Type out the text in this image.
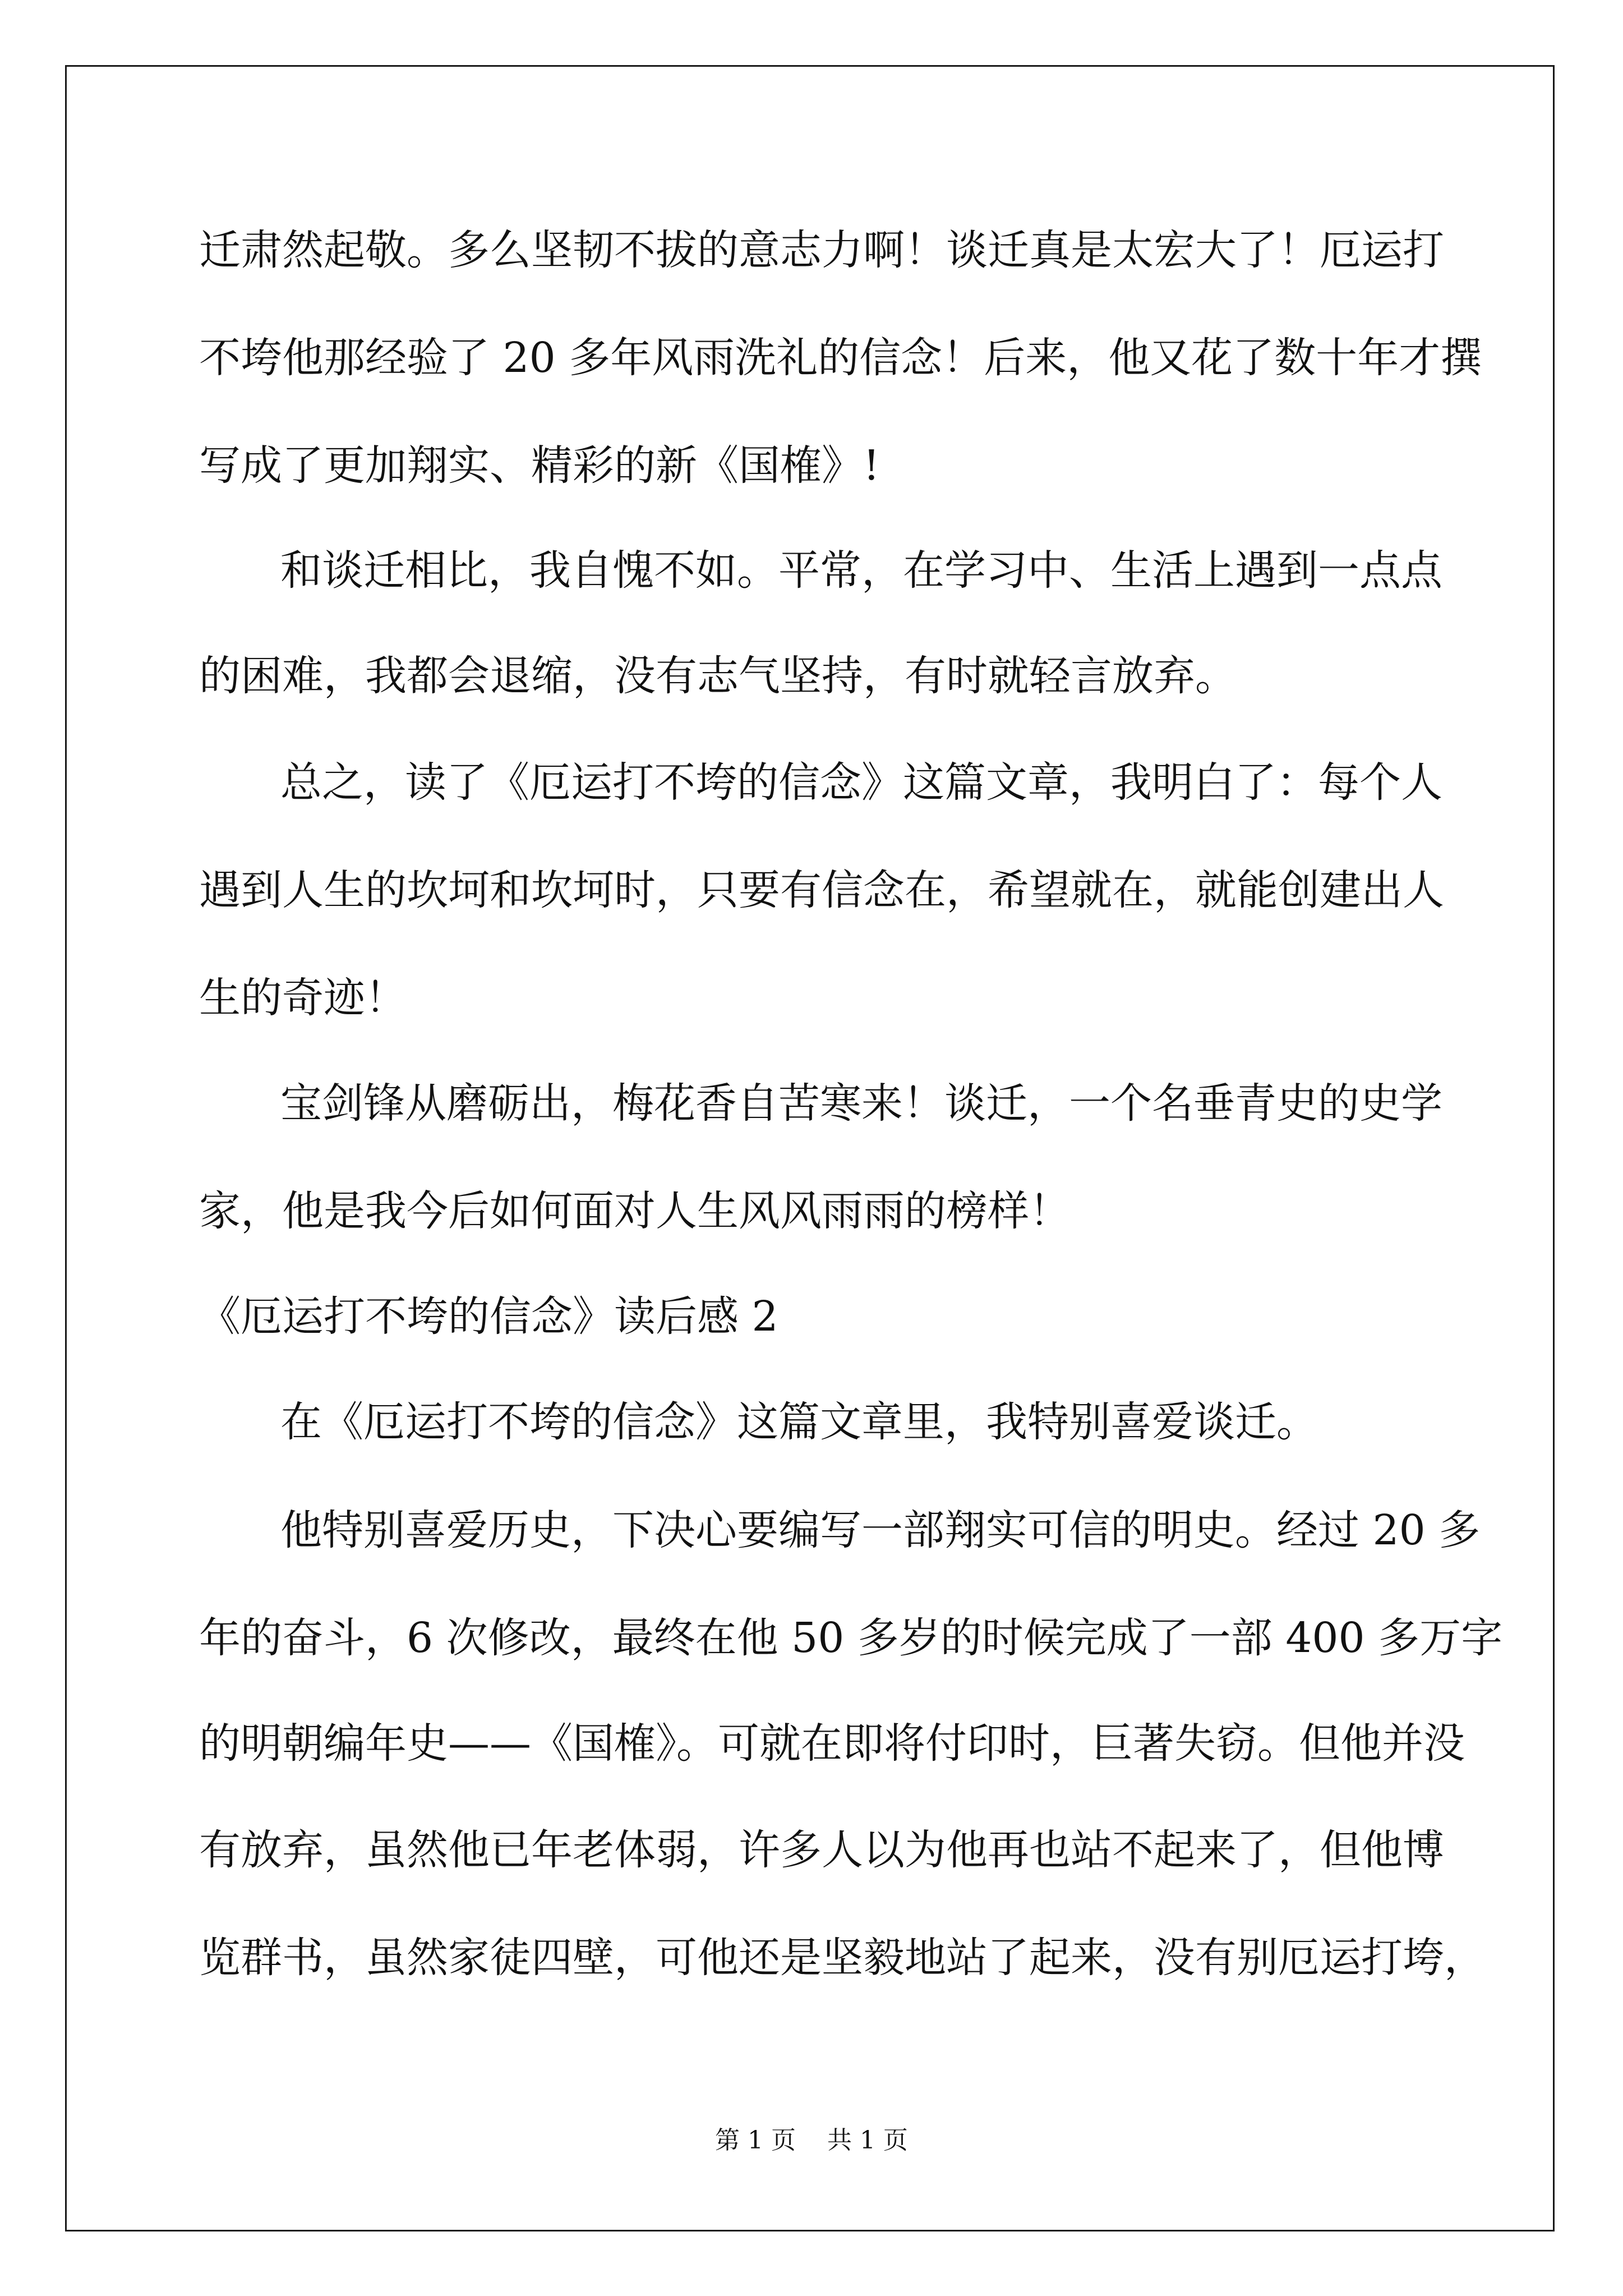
迁肃然起敬。多么坚韧不拔的意志力啊！谈迁真是太宏大了！厄运打
不垮他那经验了 20 多年风雨洗礼的信念！后来，他又花了数十年才撰
写成了更加翔实、精彩的新《国榷》!
和谈迁相比，我自愧不如。平常，在学习中、生活上遇到一点点
的困难，我都会退缩，没有志气坚持，有时就轻言放弃。
总之，读了《厄运打不垮的信念》这篇文章，我明白了：每个人
遇到人生的坎坷和坎坷时，只要有信念在，希望就在，就能创建出人
生的奇迹！
宝剑锋从磨砺出，梅花香自苦寒来！谈迁，一个名垂青史的史学
家，他是我今后如何面对人生风风雨雨的榜样！
《厄运打不垮的信念》读后感 2
在《厄运打不垮的信念》这篇文章里，我特别喜爱谈迁。
他特别喜爱历史，下决心要编写一部翔实可信的明史。经过 20 多
年的奋斗，6 次修改，最终在他 50 多岁的时候完成了一部 400 多万字
的明朝编年史——《国榷》。可就在即将付印时，巨著失窃。但他并没
有放弃，虽然他已年老体弱，许多人以为他再也站不起来了，但他博
览群书，虽然家徒四壁，可他还是坚毅地站了起来，没有别厄运打垮，
第 1 页    共 1 页
